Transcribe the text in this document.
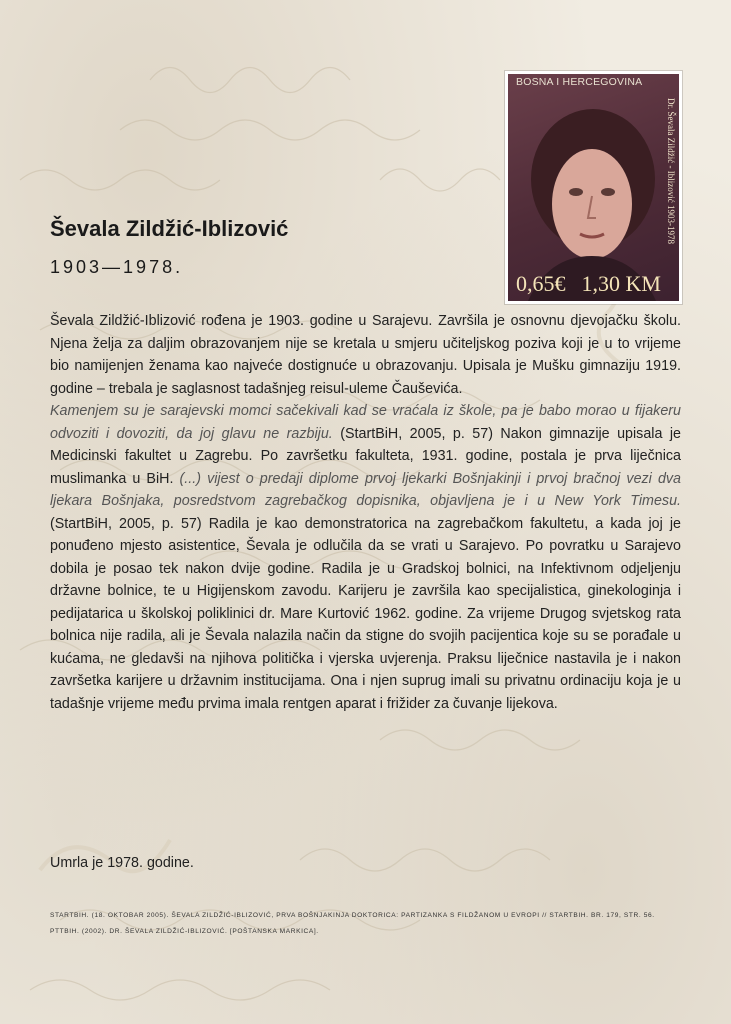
BOSNA I HERCEGOVINA
Dr. Ševala Zildžić - Iblizović 1903-1978
0,65€ 1,30 KM
Ševala Zildžić-Iblizović
1903—1978.

Ševala Zildžić-Iblizović rođena je 1903. godine u Sarajevu. Završila je osnovnu djevojačku školu. Njena želja za daljim obrazovanjem nije se kretala u smjeru učiteljskog poziva koji je u to vrijeme bio namijenjen ženama kao najveće dostignuće u obrazovanju. Upisala je Mušku gimnaziju 1919. godine – trebala je saglasnost tadašnjeg reisul-uleme Čauševića.

Kamenjem su je sarajevski momci sačekivali kad se vraćala iz škole, pa je babo morao u fijakeru odvoziti i dovoziti, da joj glavu ne razbiju. (StartBiH, 2005, p. 57) Nakon gimnazije upisala je Medicinski fakultet u Zagrebu. Po završetku fakulteta, 1931. godine, postala je prva liječnica muslimanka u BiH. (...) vijest o predaji diplome prvoj ljekarki Bošnjakinji i prvoj bračnoj vezi dva ljekara Bošnjaka, posredstvom zagrebačkog dopisnika, objavljena je i u New York Timesu. (StartBiH, 2005, p. 57) Radila je kao demonstratorica na zagrebačkom fakultetu, a kada joj je ponuđeno mjesto asistentice, Ševala je odlučila da se vrati u Sarajevo. Po povratku u Sarajevo dobila je posao tek nakon dvije godine. Radila je u Gradskoj bolnici, na Infektivnom odjeljenju državne bolnice, te u Higijenskom zavodu. Karijeru je završila kao specijalistica, ginekologinja i pedijatarica u školskoj poliklinici dr. Mare Kurtović 1962. godine. Za vrijeme Drugog svjetskog rata bolnica nije radila, ali je Ševala nalazila način da stigne do svojih pacijentica koje su se porađale u kućama, ne gledavši na njihova politička i vjerska uvjerenja. Praksu liječnice nastavila je i nakon završetka karijere u državnim institucijama. Ona i njen suprug imali su privatnu ordinaciju koja je u tadašnje vrijeme među prvima imala rentgen aparat i frižider za čuvanje lijekova.

Umrla je 1978. godine.

STARTBIH. (18. OKTOBAR 2005). ŠEVALA ZILDŽIĆ-IBLIZOVIĆ, PRVA BOŠNJAKINJA DOKTORICA: PARTIZANKA S FILDŽANOM U EVROPI // STARTBIH. BR. 179, STR. 56.

PTTBIH. (2002). DR. ŠEVALA ZILDŽIĆ-IBLIZOVIĆ. [POŠTANSKA MARKICA].
